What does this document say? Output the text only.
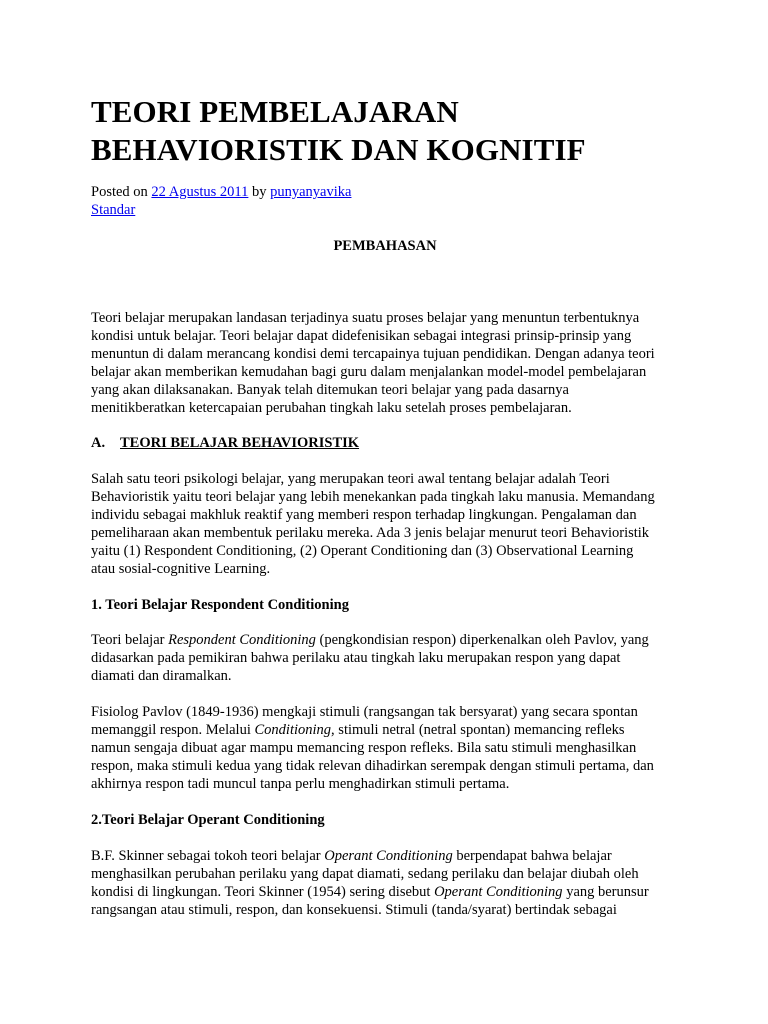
TEORI PEMBELAJARAN
BEHAVIORISTIK DAN KOGNITIF
Posted on 22 Agustus 2011 by punyanyavika
Standar
PEMBAHASAN
Teori belajar merupakan landasan terjadinya suatu proses belajar yang menuntun terbentuknya
kondisi untuk belajar. Teori belajar dapat didefenisikan sebagai integrasi prinsip-prinsip yang
menuntun di dalam merancang kondisi demi tercapainya tujuan pendidikan. Dengan adanya teori
belajar akan memberikan kemudahan bagi guru dalam menjalankan model-model pembelajaran
yang akan dilaksanakan. Banyak telah ditemukan teori belajar yang pada dasarnya
menitikberatkan ketercapaian perubahan tingkah laku setelah proses pembelajaran.
A. TEORI BELAJAR BEHAVIORISTIK
Salah satu teori psikologi belajar, yang merupakan teori awal tentang belajar adalah Teori
Behavioristik yaitu teori belajar yang lebih menekankan pada tingkah laku manusia. Memandang
individu sebagai makhluk reaktif yang memberi respon terhadap lingkungan. Pengalaman dan
pemeliharaan akan membentuk perilaku mereka. Ada 3 jenis belajar menurut teori Behavioristik
yaitu (1) Respondent Conditioning, (2) Operant Conditioning dan (3) Observational Learning
atau sosial-cognitive Learning.
1. Teori Belajar Respondent Conditioning
Teori belajar Respondent Conditioning (pengkondisian respon) diperkenalkan oleh Pavlov, yang
didasarkan pada pemikiran bahwa perilaku atau tingkah laku merupakan respon yang dapat
diamati dan diramalkan.
Fisiolog Pavlov (1849-1936) mengkaji stimuli (rangsangan tak bersyarat) yang secara spontan
memanggil respon. Melalui Conditioning, stimuli netral (netral spontan) memancing refleks
namun sengaja dibuat agar mampu memancing respon refleks. Bila satu stimuli menghasilkan
respon, maka stimuli kedua yang tidak relevan dihadirkan serempak dengan stimuli pertama, dan
akhirnya respon tadi muncul tanpa perlu menghadirkan stimuli pertama.
2.Teori Belajar Operant Conditioning
B.F. Skinner sebagai tokoh teori belajar Operant Conditioning berpendapat bahwa belajar
menghasilkan perubahan perilaku yang dapat diamati, sedang perilaku dan belajar diubah oleh
kondisi di lingkungan. Teori Skinner (1954) sering disebut Operant Conditioning yang berunsur
rangsangan atau stimuli, respon, dan konsekuensi. Stimuli (tanda/syarat) bertindak sebagai
